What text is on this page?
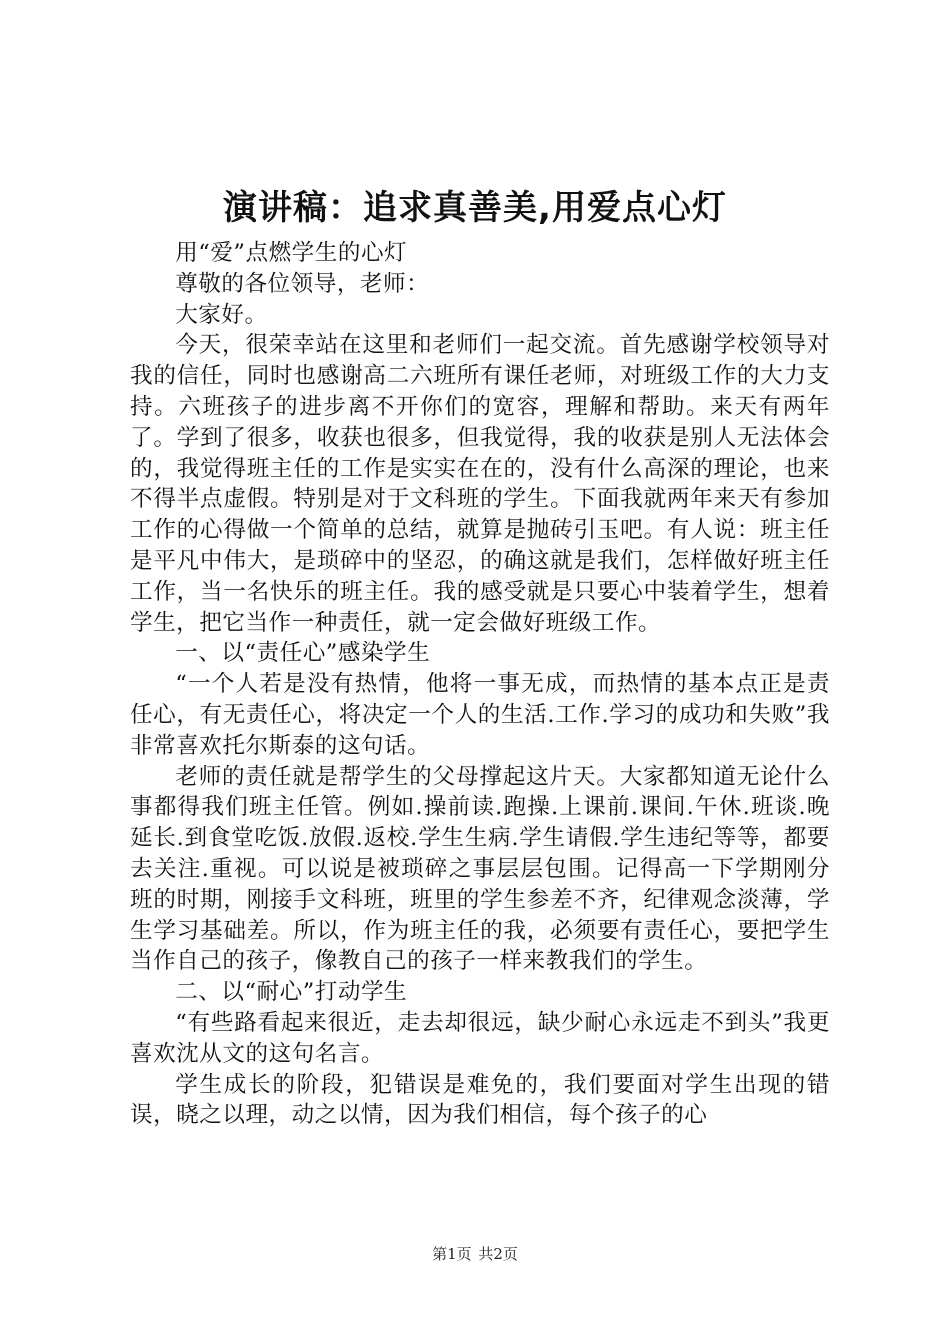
演讲稿：追求真善美,用爱点心灯

用“爱”点燃学生的心灯

尊敬的各位领导，老师：

大家好。

今天，很荣幸站在这里和老师们一起交流。首先感谢学校领导对我的信任，同时也感谢高二六班所有课任老师，对班级工作的大力支持。六班孩子的进步离不开你们的宽容，理解和帮助。来天有两年了。学到了很多，收获也很多，但我觉得，我的收获是别人无法体会的，我觉得班主任的工作是实实在在的，没有什么高深的理论，也来不得半点虚假。特别是对于文科班的学生。下面我就两年来天有参加工作的心得做一个简单的总结，就算是抛砖引玉吧。有人说：班主任是平凡中伟大，是琐碎中的坚忍，的确这就是我们，怎样做好班主任工作，当一名快乐的班主任。我的感受就是只要心中装着学生，想着学生，把它当作一种责任，就一定会做好班级工作。

一、以“责任心”感染学生

“一个人若是没有热情，他将一事无成，而热情的基本点正是责任心，有无责任心，将决定一个人的生活.工作.学习的成功和失败”我非常喜欢托尔斯泰的这句话。

老师的责任就是帮学生的父母撑起这片天。大家都知道无论什么事都得我们班主任管。例如.操前读.跑操.上课前.课间.午休.班谈.晚延长.到食堂吃饭.放假.返校.学生生病.学生请假.学生违纪等等，都要去关注.重视。可以说是被琐碎之事层层包围。记得高一下学期刚分班的时期，刚接手文科班，班里的学生参差不齐，纪律观念淡薄，学生学习基础差。所以，作为班主任的我，必须要有责任心，要把学生当作自己的孩子，像教自己的孩子一样来教我们的学生。

二、以“耐心”打动学生

“有些路看起来很近，走去却很远，缺少耐心永远走不到头”我更喜欢沈从文的这句名言。

学生成长的阶段，犯错误是难免的，我们要面对学生出现的错误，晓之以理，动之以情，因为我们相信，每个孩子的心

第1页 共2页
